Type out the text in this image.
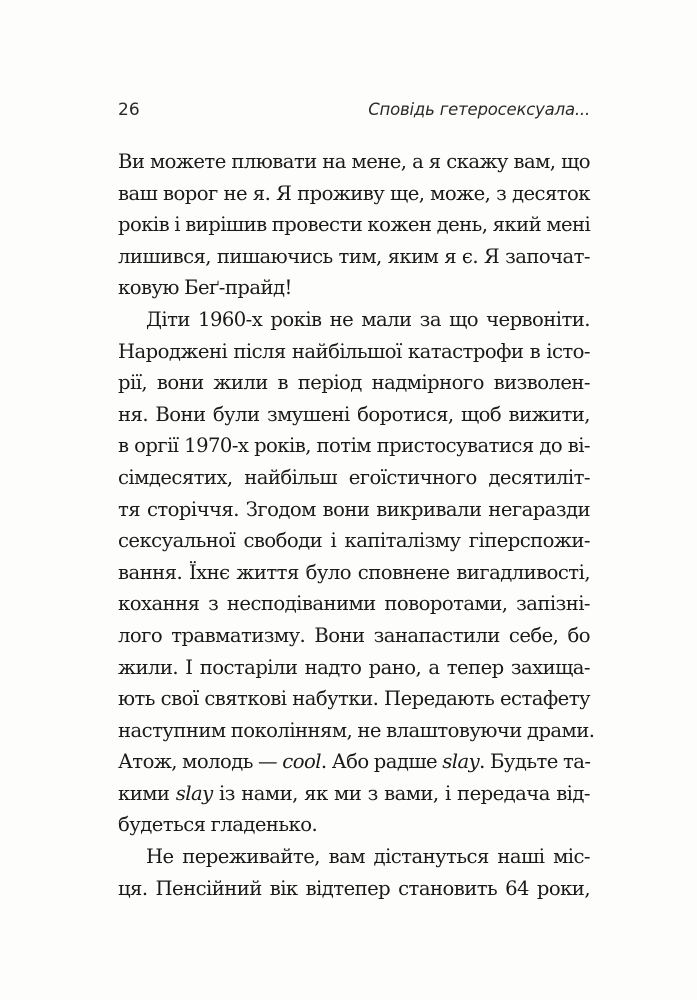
26	Сповідь гетеросексуала...
Ви можете плювати на мене, а я скажу вам, що
ваш ворог не я. Я проживу ще, може, з десяток
років і вирішив провести кожен день, який мені
лишився, пишаючись тим, яким я є. Я започат-
ковую Беґ-прайд!
Діти 1960-х років не мали за що червоніти.
Народжені після найбільшої катастрофи в істо-
рії, вони жили в період надмірного визволен-
ня. Вони були змушені боротися, щоб вижити,
в оргії 1970-х років, потім пристосуватися до ві-
сімдесятих, найбільш егоїстичного десятиліт-
тя сторіччя. Згодом вони викривали негаразди
сексуальної свободи і капіталізму гіперспожи-
вання. Їхнє життя було сповнене вигадливості,
кохання з несподіваними поворотами, запізні-
лого травматизму. Вони занапастили себе, бо
жили. І постаріли надто рано, а тепер захища-
ють свої святкові набутки. Передають естафету
наступним поколінням, не влаштовуючи драми.
Атож, молодь — cool. Або радше slay. Будьте та-
кими slay із нами, як ми з вами, і передача від-
будеться гладенько.
Не переживайте, вам дістануться наші міс-
ця. Пенсійний вік відтепер становить 64 роки,
